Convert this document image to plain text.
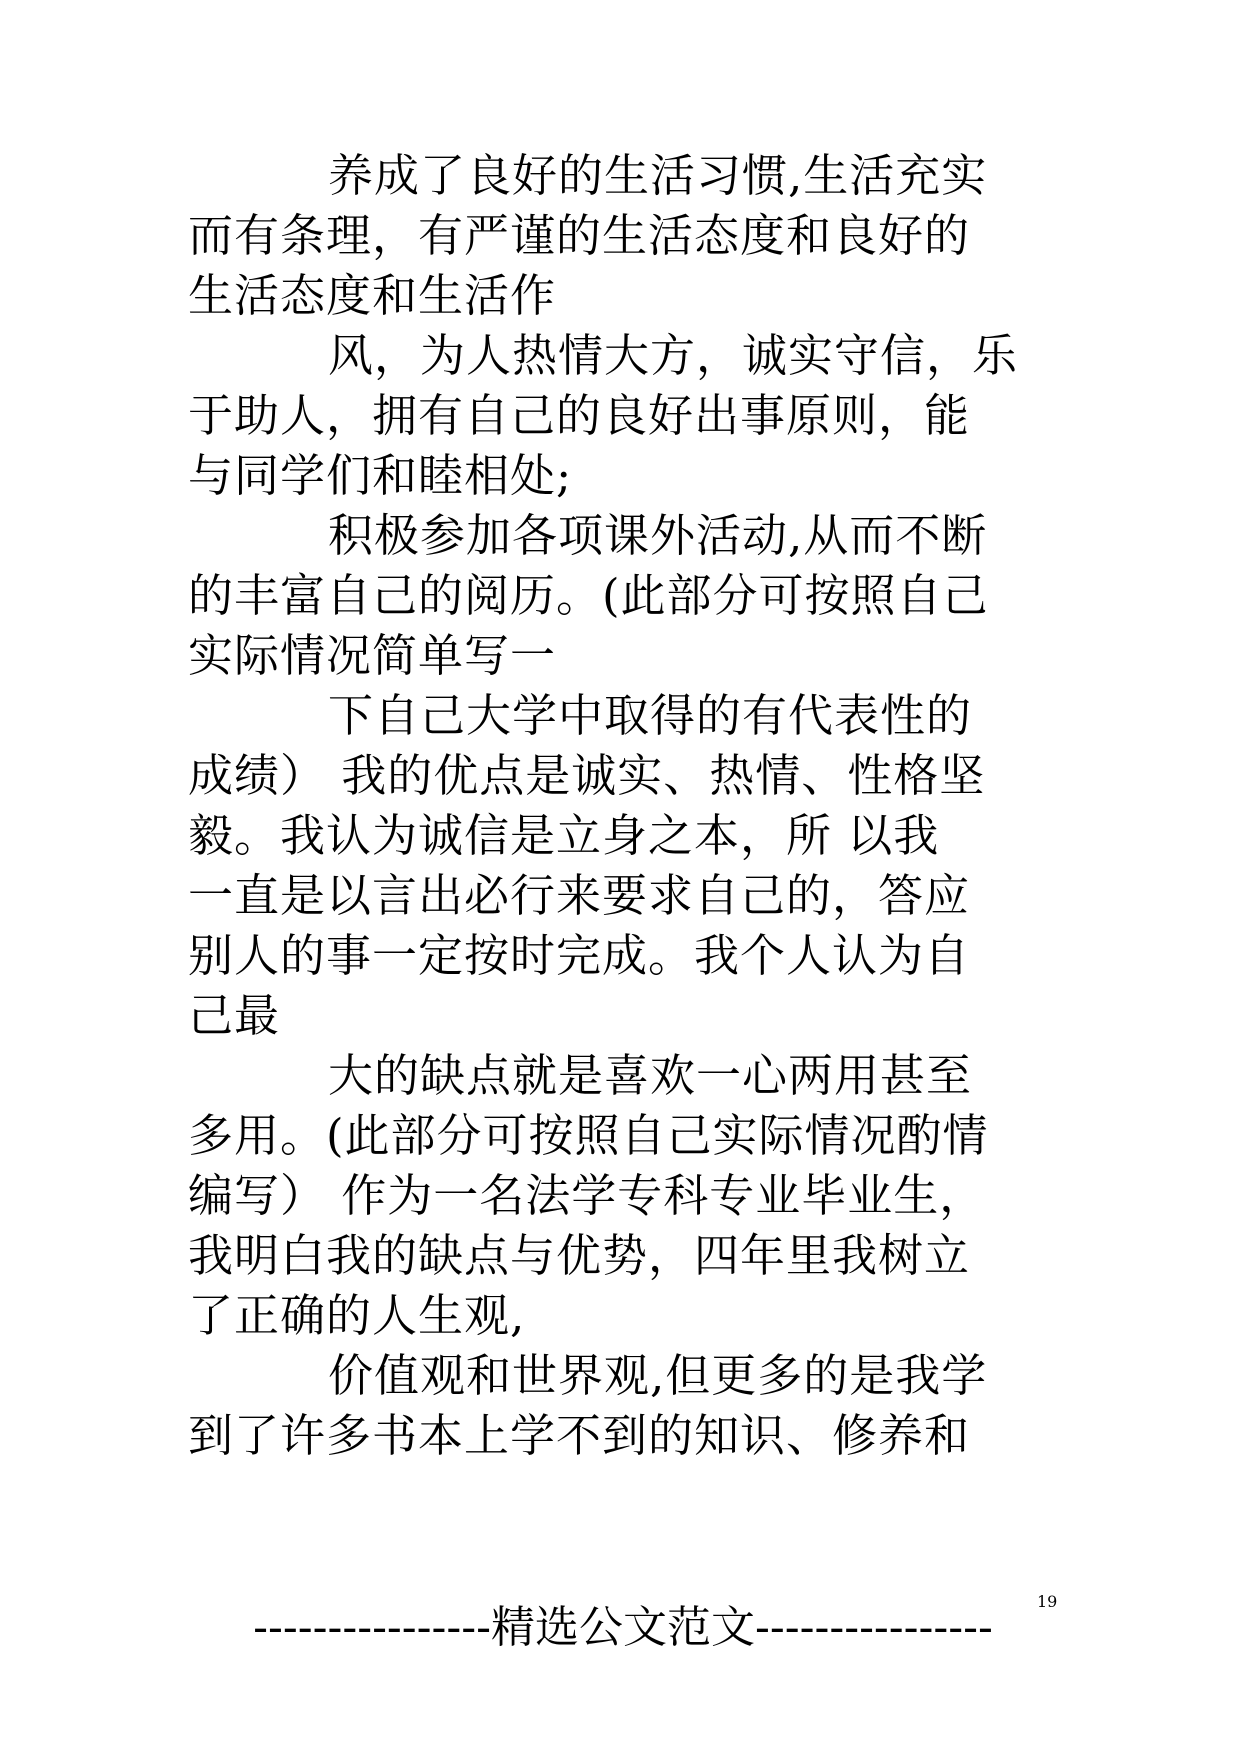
养成了良好的生活习惯,生活充实
而有条理，有严谨的生活态度和良好的
生活态度和生活作
风，为人热情大方，诚实守信，乐
于助人，拥有自己的良好出事原则，能
与同学们和睦相处;
积极参加各项课外活动,从而不断
的丰富自己的阅历。(此部分可按照自己
实际情况简单写一
下自己大学中取得的有代表性的
成绩） 我的优点是诚实、热情、性格坚
毅。我认为诚信是立身之本，所 以我
一直是以言出必行来要求自己的，答应
别人的事一定按时完成。我个人认为自
己最
大的缺点就是喜欢一心两用甚至
多用。(此部分可按照自己实际情况酌情
编写） 作为一名法学专科专业毕业生，
我明白我的缺点与优势，四年里我树立
了正确的人生观,
价值观和世界观,但更多的是我学
到了许多书本上学不到的知识、修养和
19
----------------精选公文范文----------------
